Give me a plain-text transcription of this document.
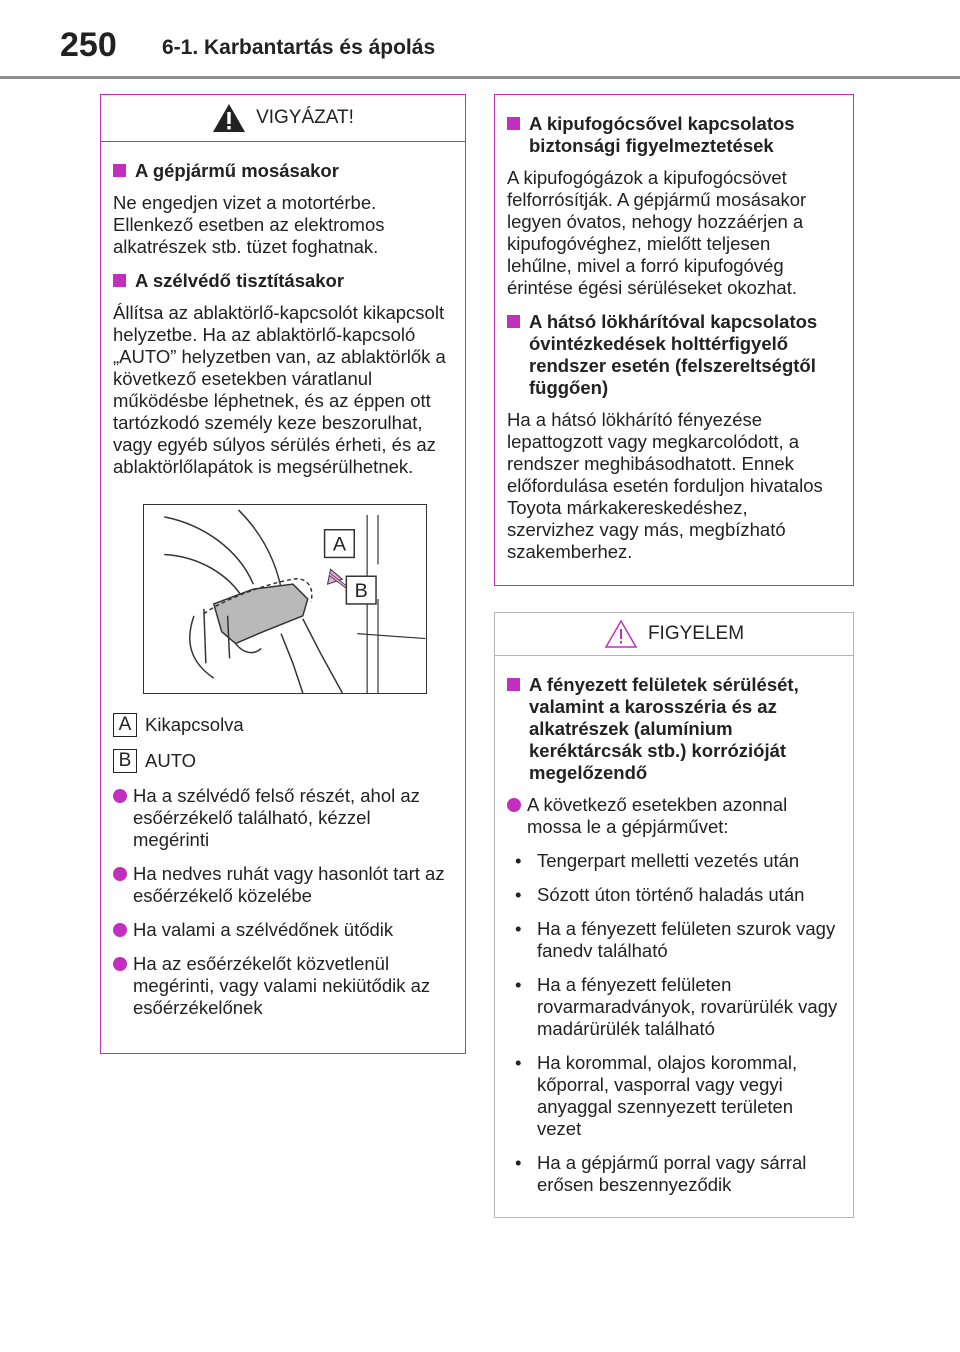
250 6-1. Karbantartás és ápolás
VIGYÁZAT!
A gépjármű mosásakor
Ne engedjen vizet a motortérbe. Ellenkező esetben az elektromos alkatrészek stb. tüzet foghatnak.
A szélvédő tisztításakor
Állítsa az ablaktörlő-kapcsolót kikapcsolt helyzetbe. Ha az ablaktörlő-kapcsoló „AUTO” helyzetben van, az ablaktörlők a következő esetekben váratlanul működésbe léphetnek, és az éppen ott tartózkodó személy keze beszorulhat, vagy egyéb súlyos sérülés érheti, és az ablaktörlőlapátok is megsérülhetnek.
A
B
A Kikapcsolva
B AUTO
Ha a szélvédő felső részét, ahol az esőérzékelő található, kézzel megérinti
Ha nedves ruhát vagy hasonlót tart az esőérzékelő közelébe
Ha valami a szélvédőnek ütődik
Ha az esőérzékelőt közvetlenül megérinti, vagy valami nekiütődik az esőérzékelőnek
A kipufogócsővel kapcsolatos biztonsági figyelmeztetések
A kipufogógázok a kipufogócsövet felforrósítják. A gépjármű mosásakor legyen óvatos, nehogy hozzáérjen a kipufogóvéghez, mielőtt teljesen lehűlne, mivel a forró kipufogóvég érintése égési sérüléseket okozhat.
A hátsó lökhárítóval kapcsolatos óvintézkedések holttérfigyelő rendszer esetén (felszereltségtől függően)
Ha a hátsó lökhárító fényezése lepattogzott vagy megkarcolódott, a rendszer meghibásodhatott. Ennek előfordulása esetén forduljon hivatalos Toyota márkakereskedéshez, szervizhez vagy más, megbízható szakemberhez.
FIGYELEM
A fényezett felületek sérülését, valamint a karosszéria és az alkatrészek (alumínium keréktárcsák stb.) korrózióját megelőzendő
A következő esetekben azonnal mossa le a gépjárművet:
• Tengerpart melletti vezetés után
• Sózott úton történő haladás után
• Ha a fényezett felületen szurok vagy fanedv található
• Ha a fényezett felületen rovarmaradványok, rovarürülék vagy madárürülék található
• Ha korommal, olajos korommal, kőporral, vasporral vagy vegyi anyaggal szennyezett területen vezet
• Ha a gépjármű porral vagy sárral erősen beszennyeződik
